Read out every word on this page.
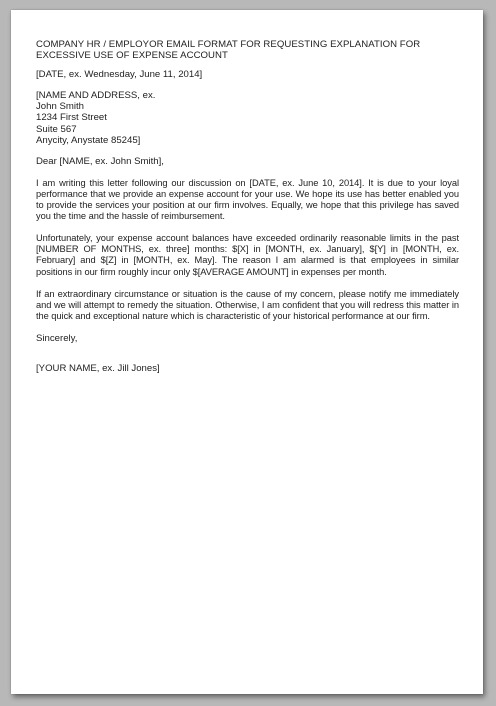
COMPANY HR / EMPLOYOR EMAIL FORMAT FOR REQUESTING EXPLANATION FOR
EXCESSIVE USE OF EXPENSE ACCOUNT
[DATE, ex. Wednesday, June 11, 2014]
[NAME AND ADDRESS, ex.
John Smith
1234 First Street
Suite 567
Anycity, Anystate 85245]
Dear [NAME, ex. John Smith],

I am writing this letter following our discussion on [DATE, ex. June 10, 2014]. It is due to your loyal performance that we provide an expense account for your use. We hope its use has better enabled you to provide the services your position at our firm involves. Equally, we hope that this privilege has saved you the time and the hassle of reimbursement.

Unfortunately, your expense account balances have exceeded ordinarily reasonable limits in the past [NUMBER OF MONTHS, ex. three] months: $[X] in [MONTH, ex. January], $[Y] in [MONTH, ex. February] and $[Z] in [MONTH, ex. May]. The reason I am alarmed is that employees in similar positions in our firm roughly incur only $[AVERAGE AMOUNT] in expenses per month.

If an extraordinary circumstance or situation is the cause of my concern, please notify me immediately and we will attempt to remedy the situation. Otherwise, I am confident that you will redress this matter in the quick and exceptional nature which is characteristic of your historical performance at our firm.

Sincerely,
[YOUR NAME, ex. Jill Jones]
